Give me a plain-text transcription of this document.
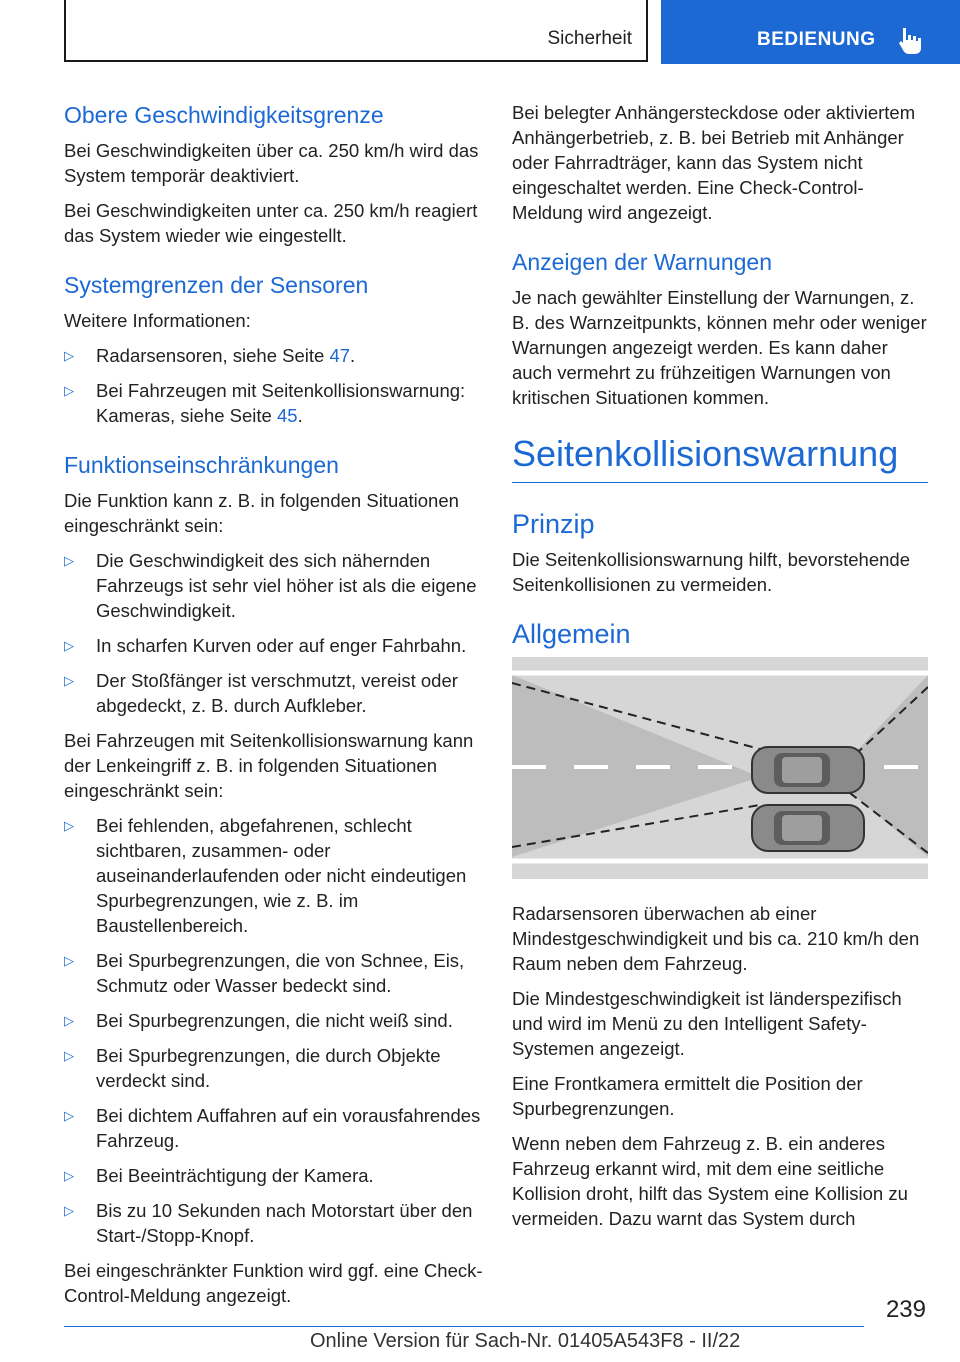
Sicherheit	BEDIENUNG
Obere Geschwindigkeitsgrenze

Bei Geschwindigkeiten über ca. 250 km/h wird das System temporär deaktiviert.

Bei Geschwindigkeiten unter ca. 250 km/h reagiert das System wieder wie eingestellt.

Systemgrenzen der Sensoren

Weitere Informationen:

▷ Radarsensoren, siehe Seite 47.
▷ Bei Fahrzeugen mit Seitenkollisionswarnung: Kameras, siehe Seite 45.
Funktionseinschränkungen

Die Funktion kann z. B. in folgenden Situationen eingeschränkt sein:

▷ Die Geschwindigkeit des sich nähernden Fahrzeugs ist sehr viel höher ist als die eigene Geschwindigkeit.
▷ In scharfen Kurven oder auf enger Fahrbahn.
▷ Der Stoßfänger ist verschmutzt, vereist oder abgedeckt, z. B. durch Aufkleber.

Bei Fahrzeugen mit Seitenkollisionswarnung kann der Lenkeingriff z. B. in folgenden Situationen eingeschränkt sein:

▷ Bei fehlenden, abgefahrenen, schlecht sichtbaren, zusammen- oder auseinanderlaufenden oder nicht eindeutigen Spurbegrenzungen, wie z. B. im Baustellenbereich.
▷ Bei Spurbegrenzungen, die von Schnee, Eis, Schmutz oder Wasser bedeckt sind.
▷ Bei Spurbegrenzungen, die nicht weiß sind.
▷ Bei Spurbegrenzungen, die durch Objekte verdeckt sind.
▷ Bei dichtem Auffahren auf ein vorausfahrendes Fahrzeug.
▷ Bei Beeinträchtigung der Kamera.
▷ Bis zu 10 Sekunden nach Motorstart über den Start-/Stopp-Knopf.

Bei eingeschränkter Funktion wird ggf. eine Check-Control-Meldung angezeigt.

Bei belegter Anhängersteckdose oder aktiviertem Anhängerbetrieb, z. B. bei Betrieb mit Anhänger oder Fahrradträger, kann das System nicht eingeschaltet werden. Eine Check-Control-Meldung wird angezeigt.

Anzeigen der Warnungen

Je nach gewählter Einstellung der Warnungen, z. B. des Warnzeitpunkts, können mehr oder weniger Warnungen angezeigt werden. Es kann daher auch vermehrt zu frühzeitigen Warnungen von kritischen Situationen kommen.

Seitenkollisionswarnung
Prinzip

Die Seitenkollisionswarnung hilft, bevorstehende Seitenkollisionen zu vermeiden.

Allgemein

Radarsensoren überwachen ab einer Mindestgeschwindigkeit und bis ca. 210 km/h den Raum neben dem Fahrzeug.

Die Mindestgeschwindigkeit ist länderspezifisch und wird im Menü zu den Intelligent Safety-Systemen angezeigt.

Eine Frontkamera ermittelt die Position der Spurbegrenzungen.

Wenn neben dem Fahrzeug z. B. ein anderes Fahrzeug erkannt wird, mit dem eine seitliche Kollision droht, hilft das System eine Kollision zu vermeiden. Dazu warnt das System durch

239
Online Version für Sach-Nr. 01405A543F8 - II/22
